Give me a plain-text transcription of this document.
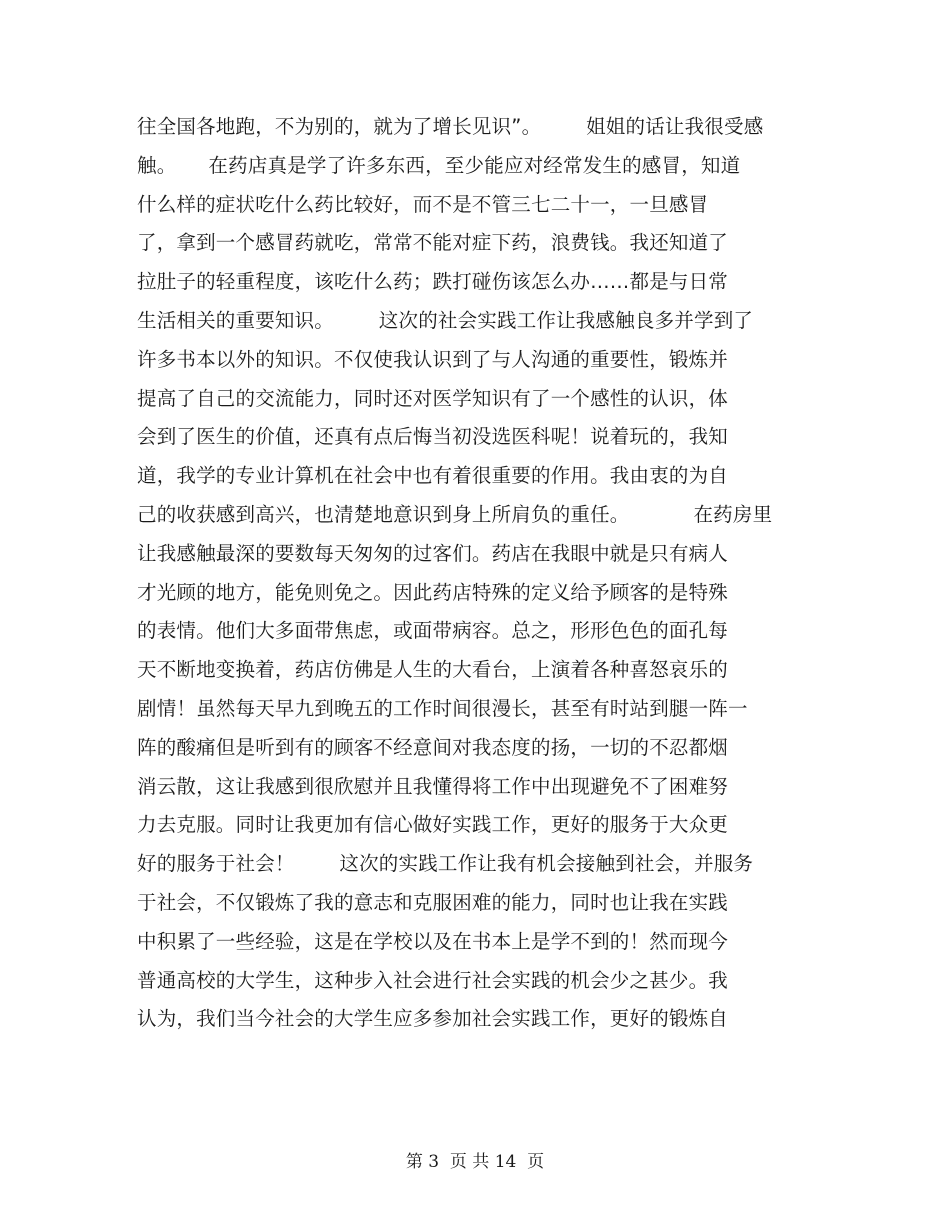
往全国各地跑，不为别的，就为了增长见识”。       姐姐的话让我很受感
触。     在药店真是学了许多东西，至少能应对经常发生的感冒，知道
什么样的症状吃什么药比较好，而不是不管三七二十一，一旦感冒
了，拿到一个感冒药就吃，常常不能对症下药，浪费钱。我还知道了
拉肚子的轻重程度，该吃什么药；跌打碰伤该怎么办……都是与日常
生活相关的重要知识。       这次的社会实践工作让我感触良多并学到了
许多书本以外的知识。不仅使我认识到了与人沟通的重要性，锻炼并
提高了自己的交流能力，同时还对医学知识有了一个感性的认识，体
会到了医生的价值，还真有点后悔当初没选医科呢！说着玩的，我知
道，我学的专业计算机在社会中也有着很重要的作用。我由衷的为自
己的收获感到高兴，也清楚地意识到身上所肩负的重任。          在药房里
让我感触最深的要数每天匆匆的过客们。药店在我眼中就是只有病人
才光顾的地方，能免则免之。因此药店特殊的定义给予顾客的是特殊
的表情。他们大多面带焦虑，或面带病容。总之，形形色色的面孔每
天不断地变换着，药店仿佛是人生的大看台，上演着各种喜怒哀乐的
剧情！虽然每天早九到晚五的工作时间很漫长，甚至有时站到腿一阵一
阵的酸痛但是听到有的顾客不经意间对我态度的扬，一切的不忍都烟
消云散，这让我感到很欣慰并且我懂得将工作中出现避免不了困难努
力去克服。同时让我更加有信心做好实践工作，更好的服务于大众更
好的服务于社会！       这次的实践工作让我有机会接触到社会，并服务
于社会，不仅锻炼了我的意志和克服困难的能力，同时也让我在实践
中积累了一些经验，这是在学校以及在书本上是学不到的！然而现今
普通高校的大学生，这种步入社会进行社会实践的机会少之甚少。我
认为，我们当今社会的大学生应多参加社会实践工作，更好的锻炼自
第 3  页 共 14  页
